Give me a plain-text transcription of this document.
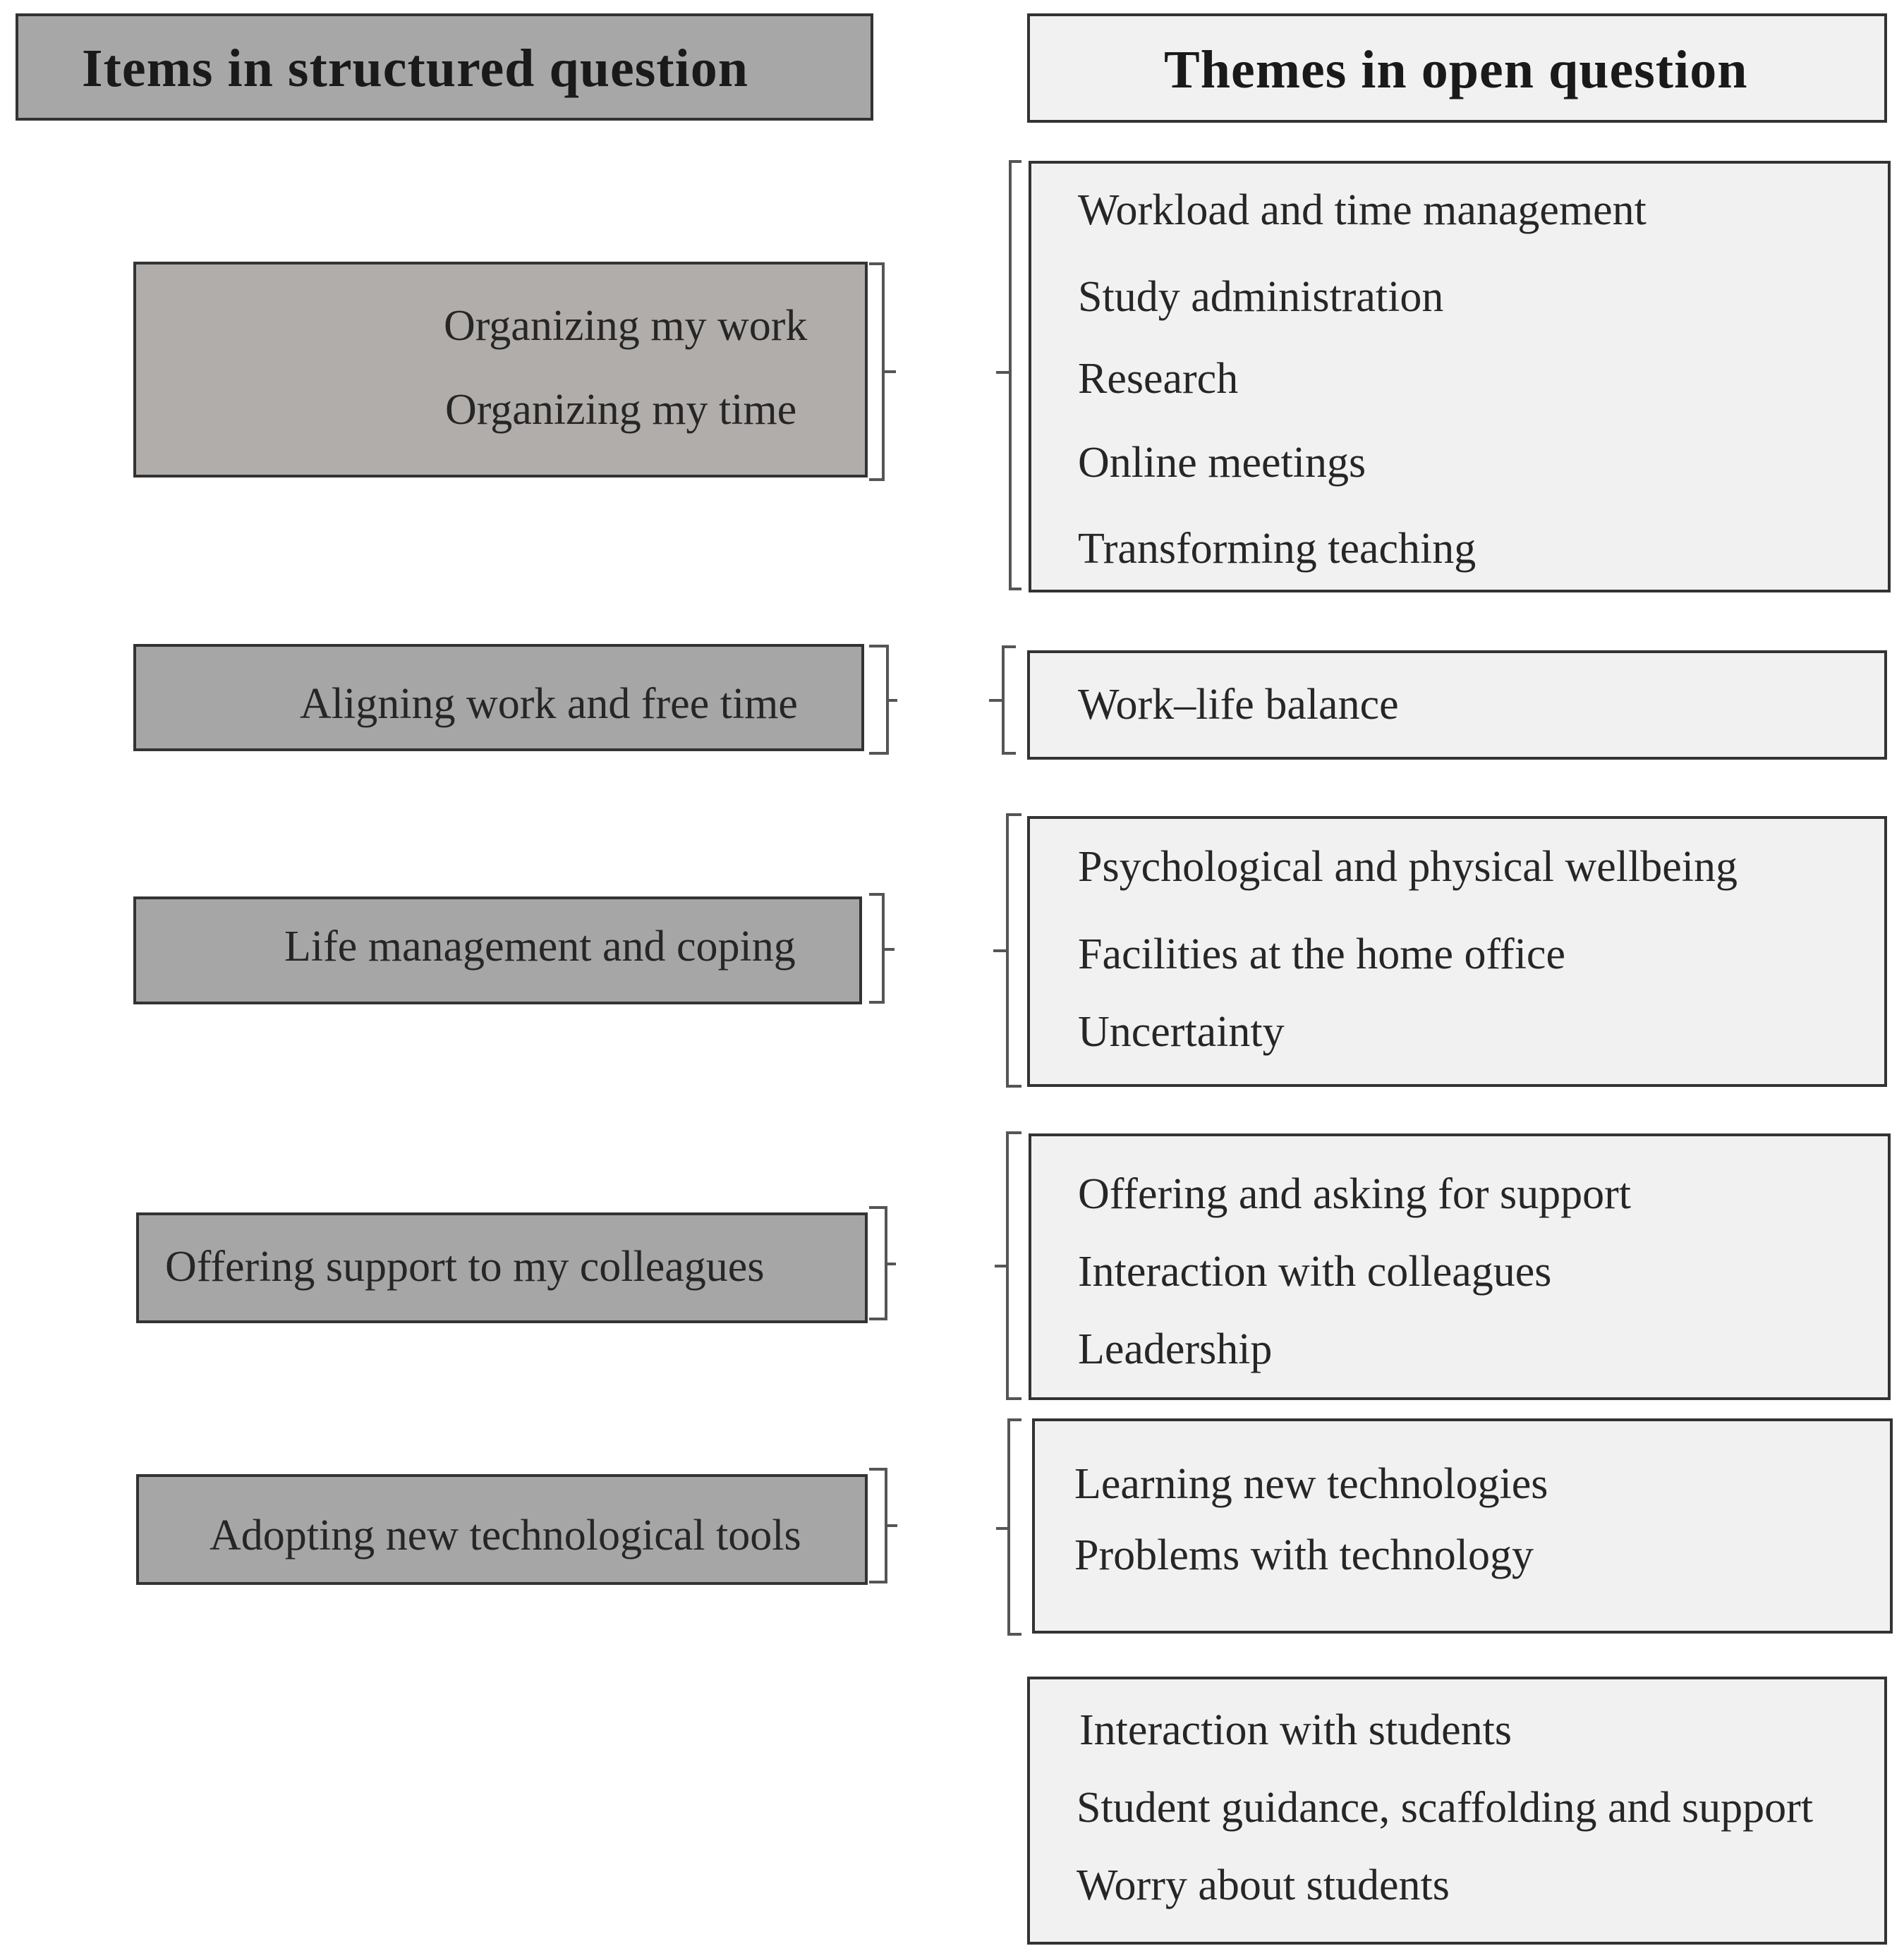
Items in structured question	Themes in open question
Organizing my work
Organizing my time
Aligning work and free time
Life management and coping
Offering support to my colleagues
Adopting new technological tools
Workload and time management
Study administration
Research
Online meetings
Transforming teaching
Work–life balance
Psychological and physical wellbeing
Facilities at the home office
Uncertainty
Offering and asking for support
Interaction with colleagues
Leadership
Learning new technologies
Problems with technology
Interaction with students
Student guidance, scaffolding and support
Worry about students
